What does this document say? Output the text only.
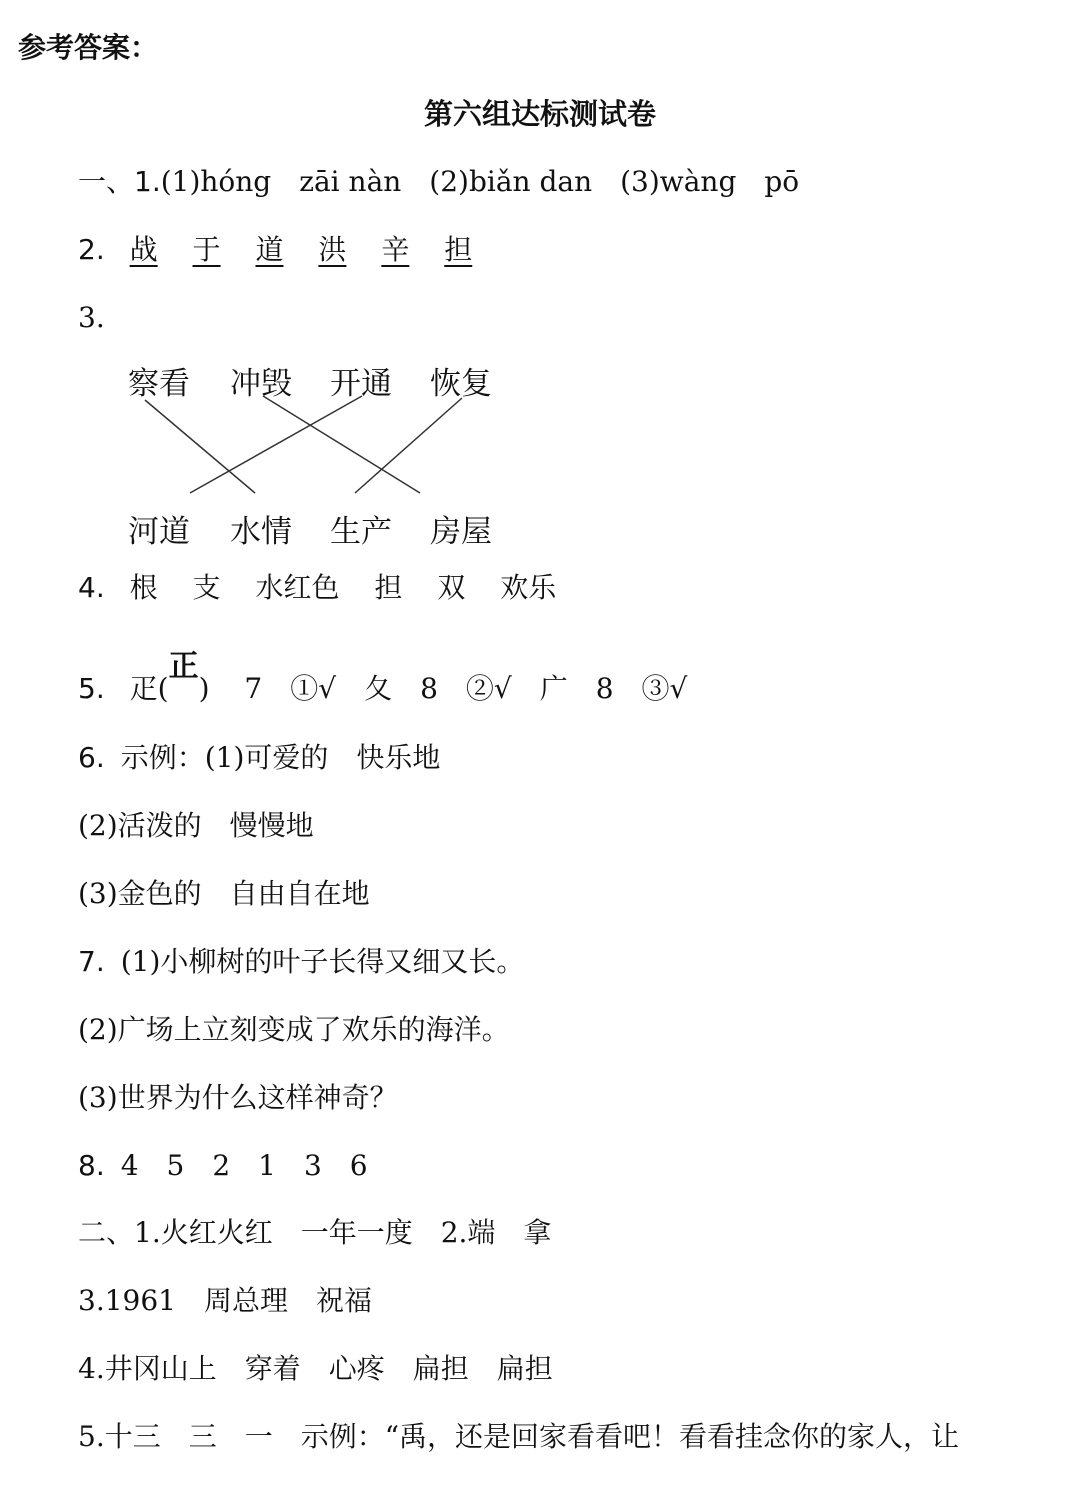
参考答案：
第六组达标测试卷
一、1.(1)hóng　zāi nàn　(2)biǎn dan　(3)wàng　pō
2. 战 于 道 洪 辛 担
3.
察看 冲毁 开通 恢复
河道 水情 生产 房屋
4. 根 支 水红色 担 双 欢乐
5. 疋(正) 7　①√　夂　8　②√　广　8　③√
6. 示例：(1)可爱的　快乐地
(2)活泼的　慢慢地
(3)金色的　自由自在地
7. (1)小柳树的叶子长得又细又长。
(2)广场上立刻变成了欢乐的海洋。
(3)世界为什么这样神奇？
8. 4　5　2　1　3　6
二、1.火红火红　一年一度　2.端　拿
3.1961　周总理　祝福
4.井冈山上　穿着　心疼　扁担　扁担
5.十三　三　一　示例：“禹，还是回家看看吧！看看挂念你的家人，让
